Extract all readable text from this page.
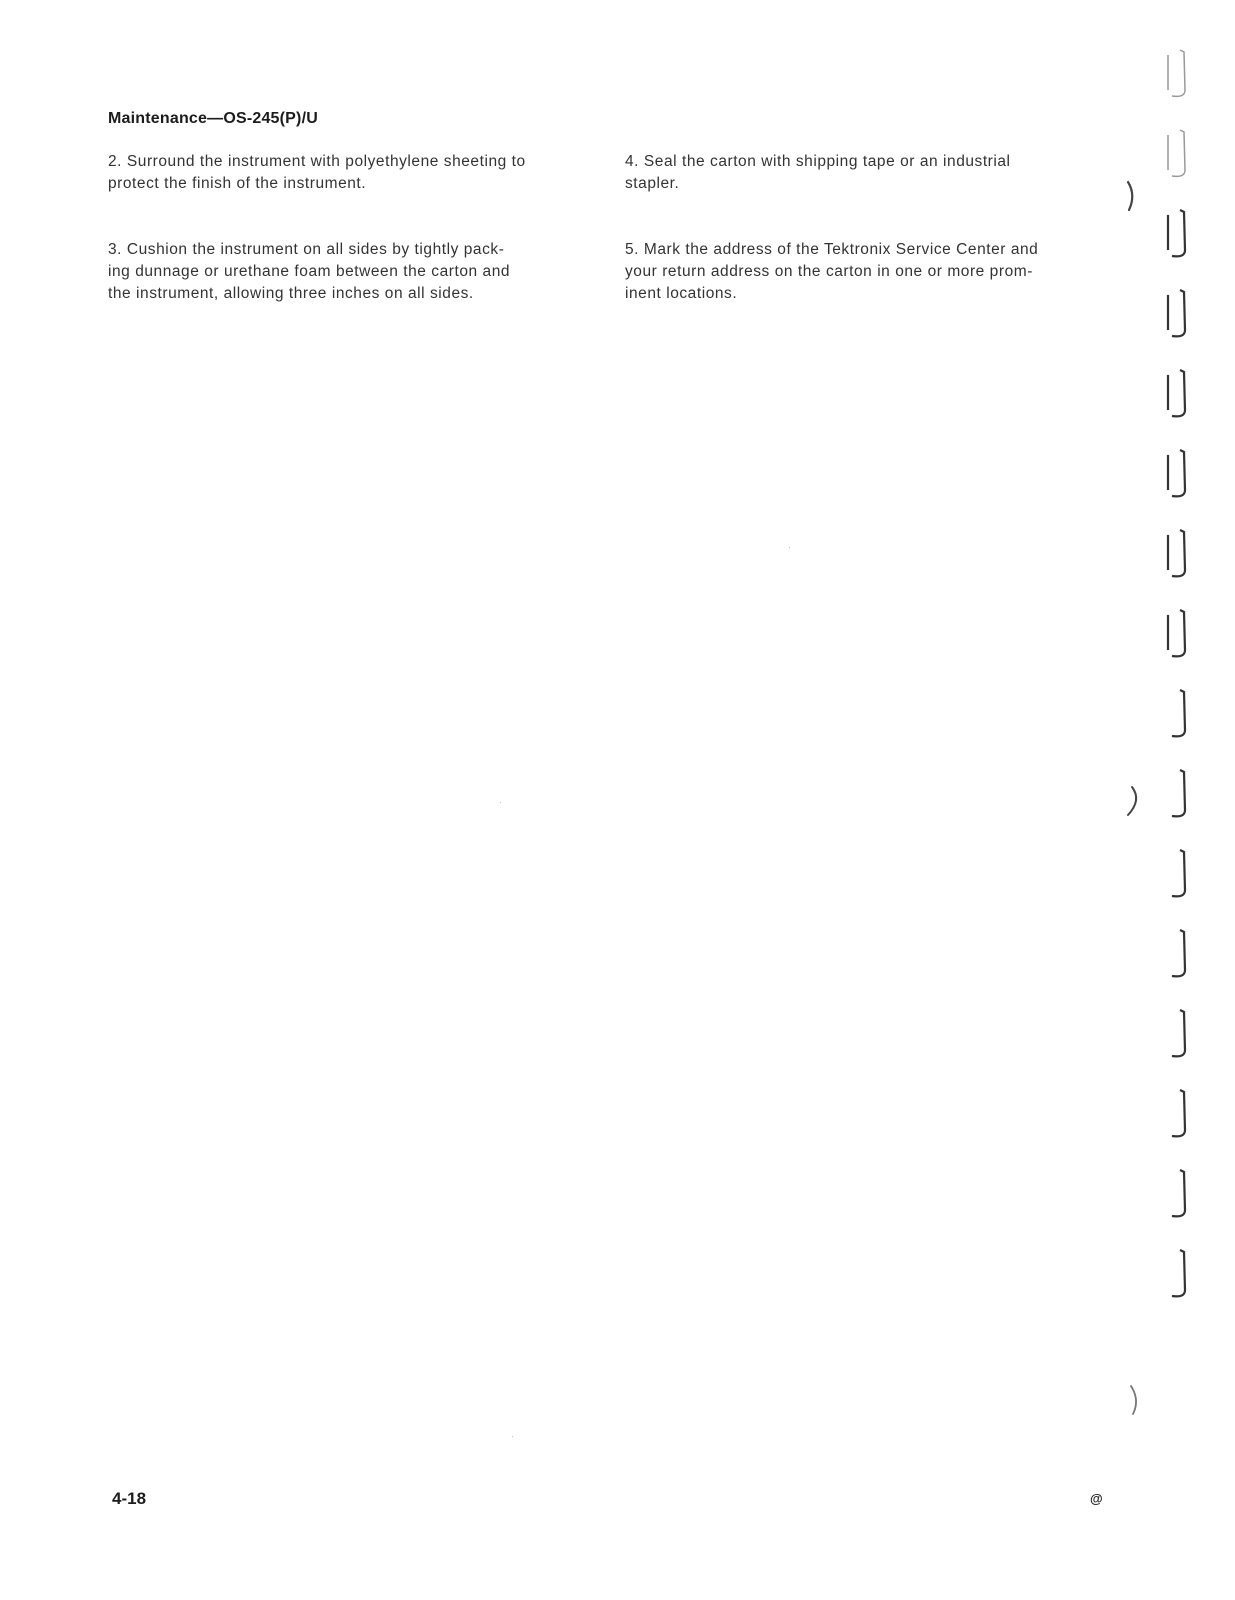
Maintenance—OS-245(P)/U
2. Surround the instrument with polyethylene sheeting to
protect the finish of the instrument.
3. Cushion the instrument on all sides by tightly pack-
ing dunnage or urethane foam between the carton and
the instrument, allowing three inches on all sides.
4. Seal the carton with shipping tape or an industrial
stapler.
5. Mark the address of the Tektronix Service Center and
your return address on the carton in one or more prom-
inent locations.
4-18	@
